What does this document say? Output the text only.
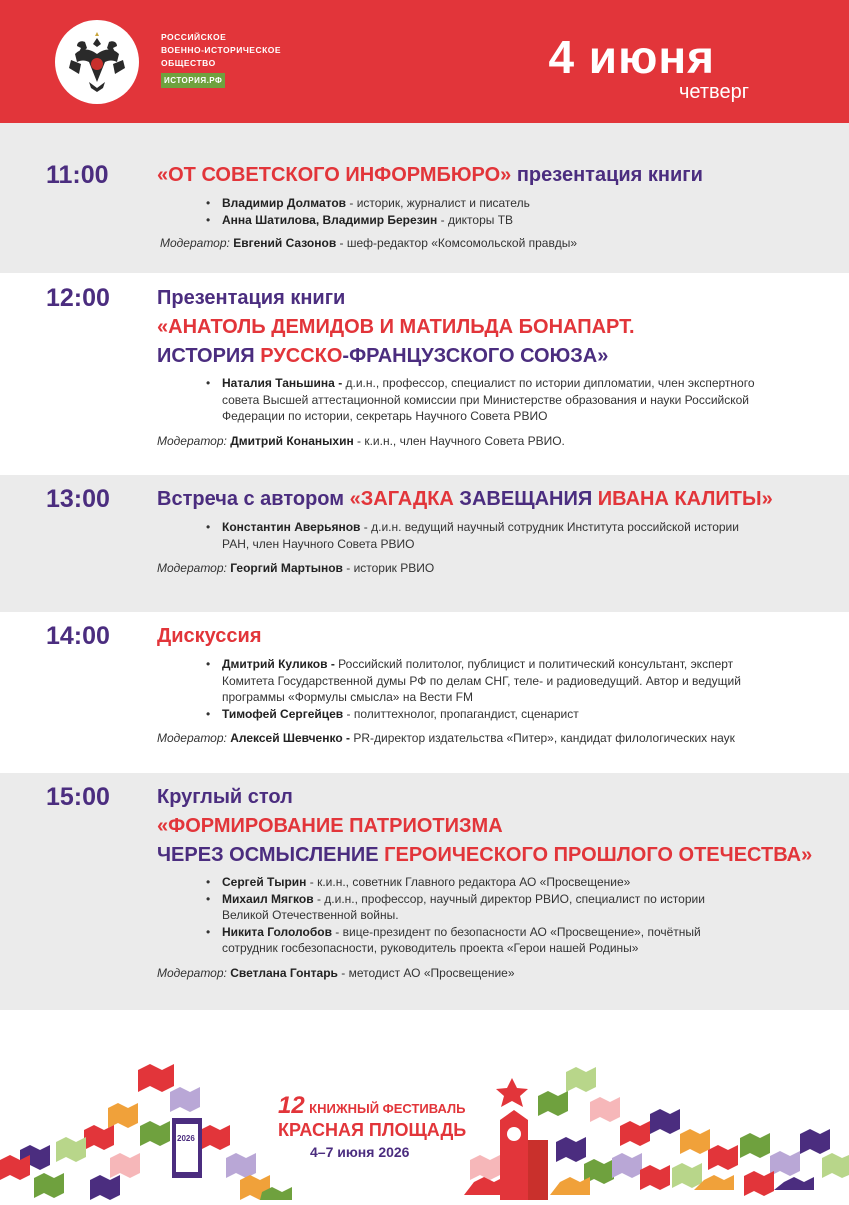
РОССИЙСКОЕ
ВОЕННО-ИСТОРИЧЕСКОЕ
ОБЩЕСТВО
ИСТОРИЯ.РФ	4 июня
четверг
11:00 «ОТ СОВЕТСКОГО ИНФОРМБЮРО» презентация книги
• Владимир Долматов - историк, журналист и писатель
• Анна Шатилова, Владимир Березин - дикторы ТВ
Модератор: Евгений Сазонов - шеф-редактор «Комсомольской правды»
12:00 Презентация книги
«АНАТОЛЬ ДЕМИДОВ И МАТИЛЬДА БОНАПАРТ.
ИСТОРИЯ РУССКО-ФРАНЦУЗСКОГО СОЮЗА»
• Наталия Таньшина - д.и.н., профессор, специалист по истории дипломатии, член экспертного совета Высшей аттестационной комиссии при Министерстве образования и науки Российской Федерации по истории, секретарь Научного Совета РВИО
Модератор: Дмитрий Конаныхин - к.и.н., член Научного Совета РВИО.
13:00 Встреча с автором «ЗАГАДКА ЗАВЕЩАНИЯ ИВАНА КАЛИТЫ»
• Константин Аверьянов - д.и.н. ведущий научный сотрудник Института российской истории РАН, член Научного Совета РВИО
Модератор: Георгий Мартынов - историк РВИО
14:00 Дискуссия
• Дмитрий Куликов - Российский политолог, публицист и политический консультант, эксперт Комитета Государственной думы РФ по делам СНГ, теле- и радиоведущий. Автор и ведущий программы «Формулы смысла» на Вести FM
• Тимофей Сергейцев - политтехнолог, пропагандист, сценарист
Модератор: Алексей Шевченко - PR-директор издательства «Питер», кандидат филологических наук
15:00 Круглый стол
«ФОРМИРОВАНИЕ ПАТРИОТИЗМА
ЧЕРЕЗ ОСМЫСЛЕНИЕ ГЕРОИЧЕСКОГО ПРОШЛОГО ОТЕЧЕСТВА»
• Сергей Тырин - к.и.н., советник Главного редактора АО «Просвещение»
• Михаил Мягков - д.и.н., профессор, научный директор РВИО, специалист по истории Великой Отечественной войны.
• Никита Гололобов - вице-президент по безопасности АО «Просвещение», почётный сотрудник госбезопасности, руководитель проекта «Герои нашей Родины»
Модератор: Светлана Гонтарь - методист АО «Просвещение»
2026
12 КНИЖНЫЙ ФЕСТИВАЛЬ
КРАСНАЯ ПЛОЩАДЬ
4–7 июня 2026
